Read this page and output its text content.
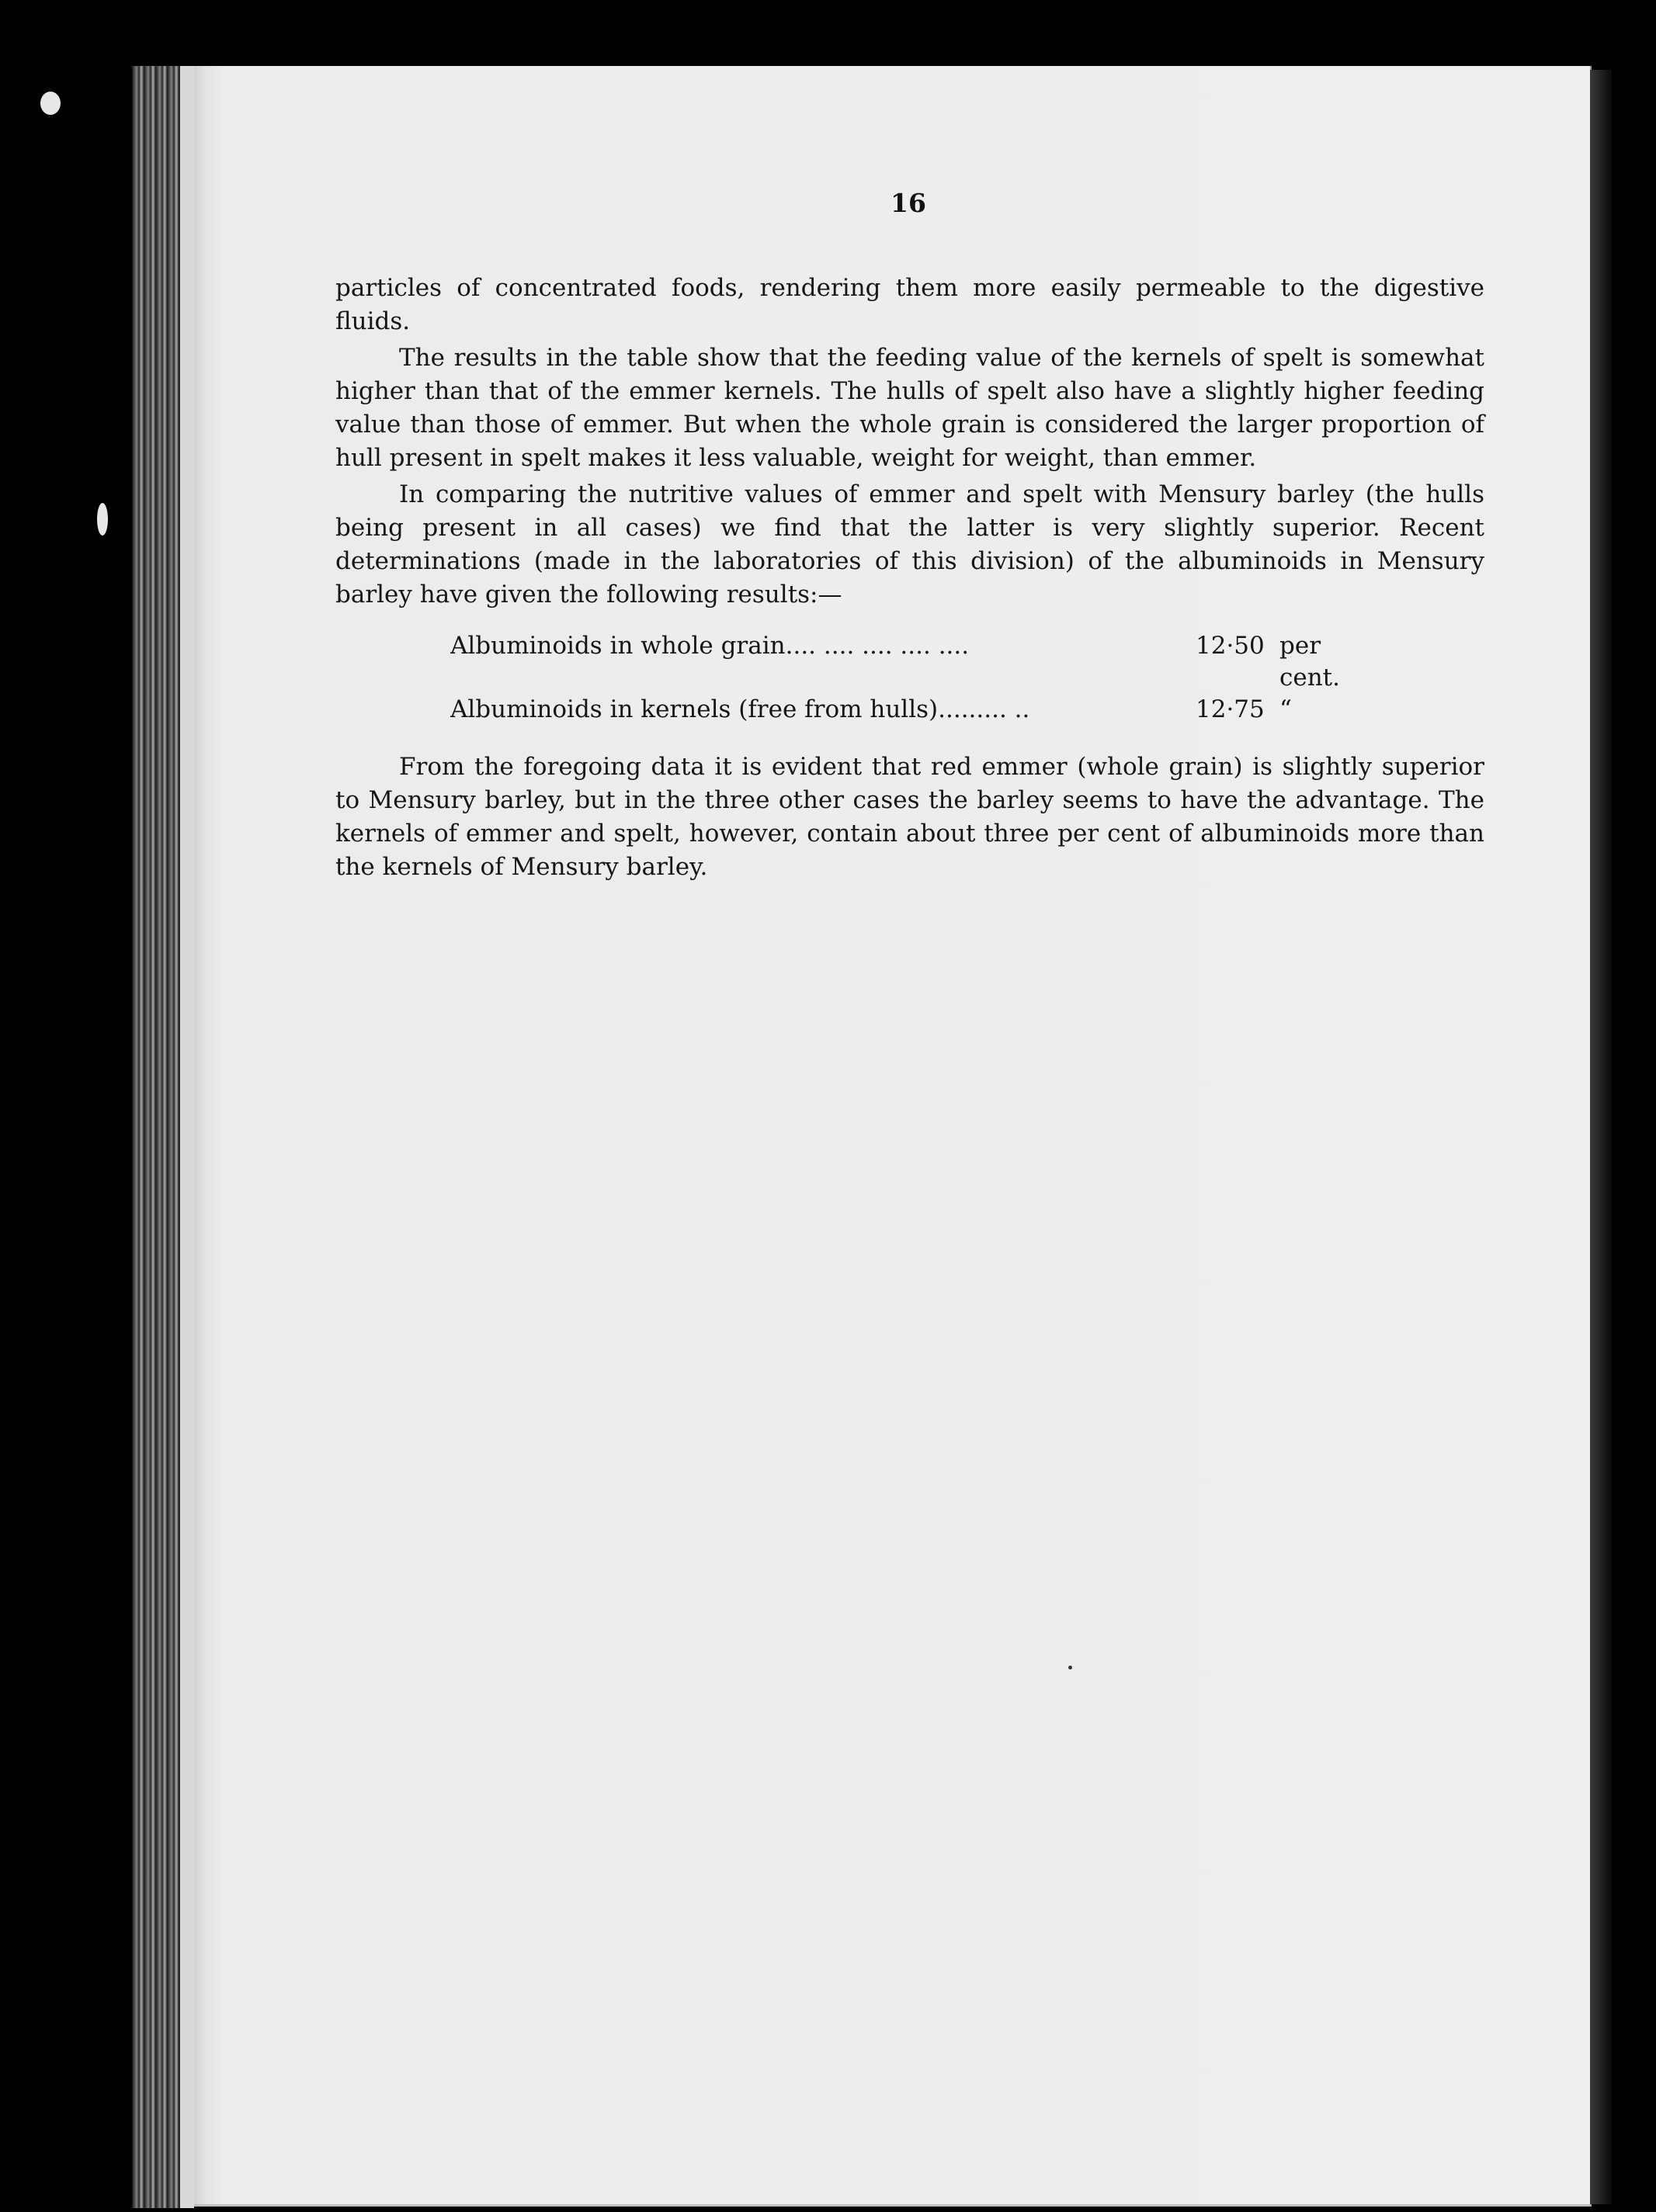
16

particles of concentrated foods, rendering them more easily permeable to the digestive fluids.

The results in the table show that the feeding value of the kernels of spelt is somewhat higher than that of the emmer kernels. The hulls of spelt also have a slightly higher feeding value than those of emmer. But when the whole grain is considered the larger proportion of hull present in spelt makes it less valuable, weight for weight, than emmer.

In comparing the nutritive values of emmer and spelt with Mensury barley (the hulls being present in all cases) we find that the latter is very slightly superior. Recent determinations (made in the laboratories of this division) of the albuminoids in Mensury barley have given the following results:—

Albuminoids in whole grain.... .... .... .... ....	12·50 per cent.
Albuminoids in kernels (free from hulls)......... ..	12·75 “

From the foregoing data it is evident that red emmer (whole grain) is slightly superior to Mensury barley, but in the three other cases the barley seems to have the advantage. The kernels of emmer and spelt, however, contain about three per cent of albuminoids more than the kernels of Mensury barley.
